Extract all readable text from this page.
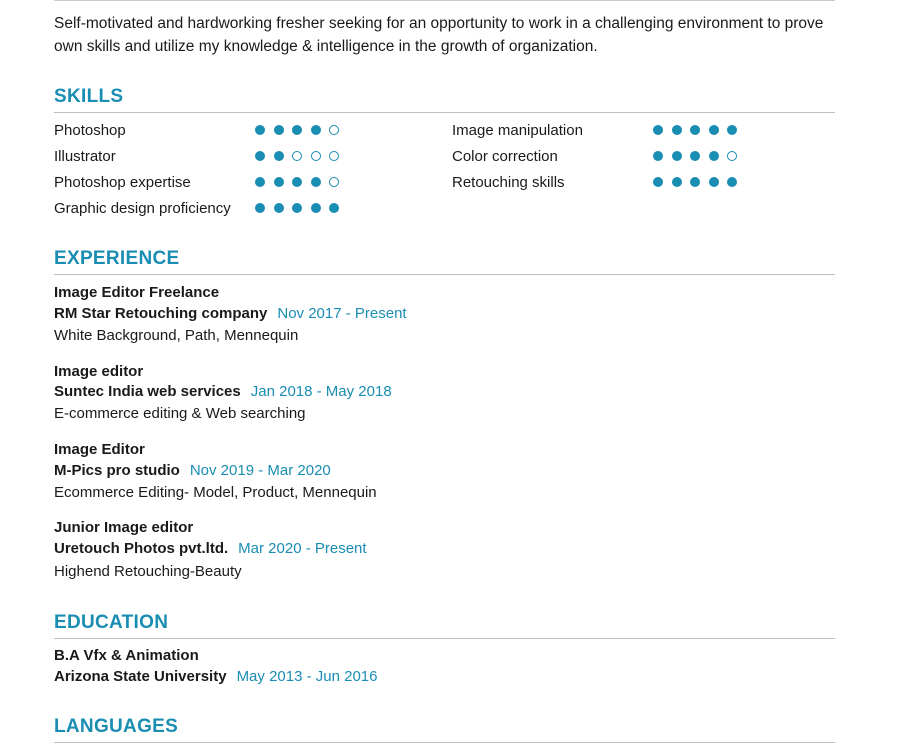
Self-motivated and hardworking fresher seeking for an opportunity to work in a challenging environment to prove own skills and utilize my knowledge & intelligence in the growth of organization.
SKILLS
Photoshop
Illustrator
Photoshop expertise
Graphic design proficiency
Image manipulation
Color correction
Retouching skills
EXPERIENCE
Image Editor Freelance
RM Star Retouching company Nov 2017 - Present
White Background, Path, Mennequin
Image editor
Suntec India web services Jan 2018 - May 2018
E-commerce editing & Web searching
Image Editor
M-Pics pro studio Nov 2019 - Mar 2020
Ecommerce Editing- Model, Product, Mennequin
Junior Image editor
Uretouch Photos pvt.ltd. Mar 2020 - Present
Highend Retouching-Beauty
EDUCATION
B.A Vfx & Animation
Arizona State University May 2013 - Jun 2016
LANGUAGES
